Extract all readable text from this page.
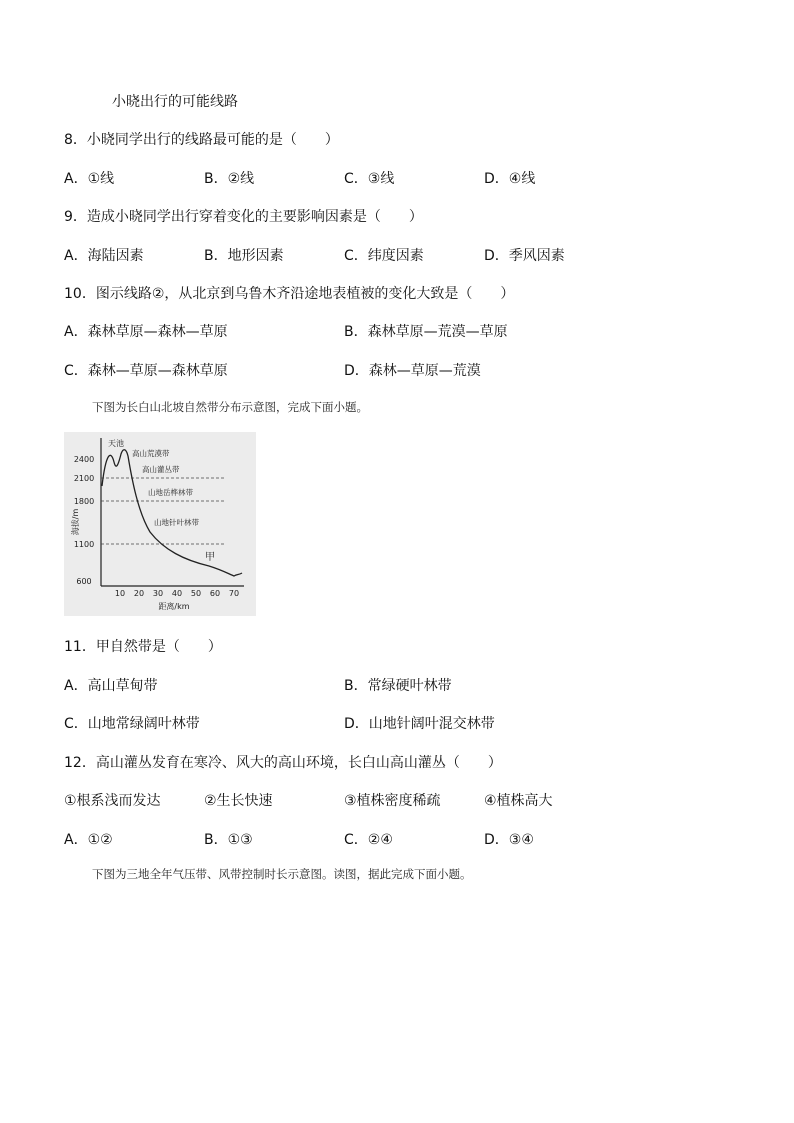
小晓出行的可能线路
8．小晓同学出行的线路最可能的是（　　）
A．①线	B．②线	C．③线	D．④线
9．造成小晓同学出行穿着变化的主要影响因素是（　　）
A．海陆因素	B．地形因素	C．纬度因素	D．季风因素
10．图示线路②，从北京到乌鲁木齐沿途地表植被的变化大致是（　　）
A．森林草原—森林—草原	B．森林草原—荒漠—草原
C．森林—草原—森林草原	D．森林—草原—荒漠
下图为长白山北坡自然带分布示意图，完成下面小题。
2400
2100
1800
1100
600
海拔/m
10 20 30 40 50 60 70
距离/km
天池
高山荒漠带
高山灌丛带
山地岳桦林带
山地针叶林带
甲
11．甲自然带是（　　）
A．高山草甸带	B．常绿硬叶林带
C．山地常绿阔叶林带	D．山地针阔叶混交林带
12．高山灌丛发育在寒冷、风大的高山环境，长白山高山灌丛（　　）
①根系浅而发达	②生长快速	③植株密度稀疏	④植株高大
A．①②	B．①③	C．②④	D．③④
下图为三地全年气压带、风带控制时长示意图。读图，据此完成下面小题。
